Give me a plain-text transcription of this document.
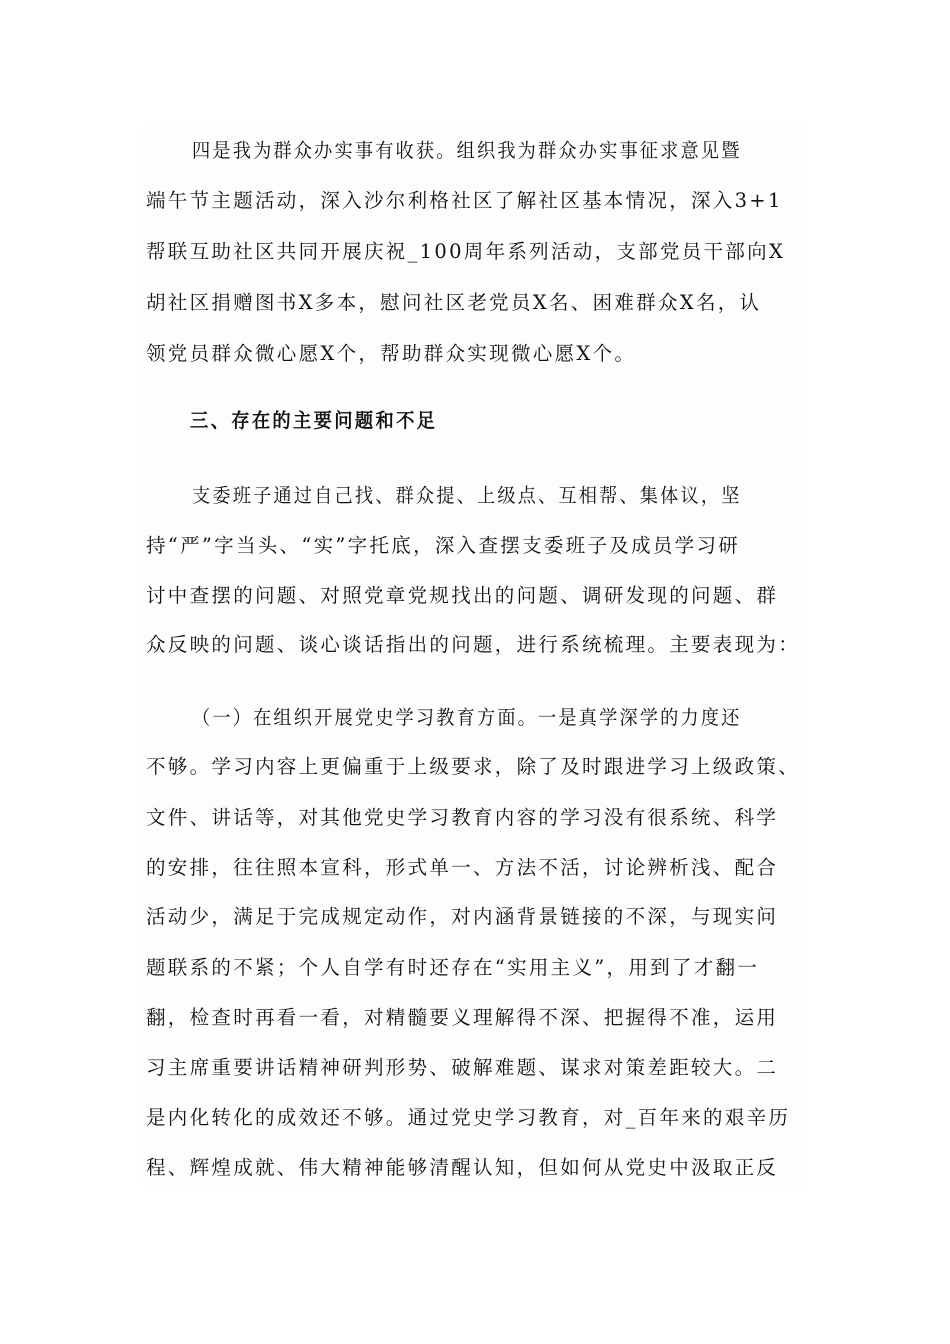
四是我为群众办实事有收获。组织我为群众办实事征求意见暨
端午节主题活动，深入沙尔利格社区了解社区基本情况，深入3+1
帮联互助社区共同开展庆祝_100周年系列活动，支部党员干部向X
胡社区捐赠图书X多本，慰问社区老党员X名、困难群众X名，认
领党员群众微心愿X个，帮助群众实现微心愿X个。
三、存在的主要问题和不足
支委班子通过自己找、群众提、上级点、互相帮、集体议，坚
持“严”字当头、“实”字托底，深入查摆支委班子及成员学习研
讨中查摆的问题、对照党章党规找出的问题、调研发现的问题、群
众反映的问题、谈心谈话指出的问题，进行系统梳理。主要表现为：
（一）在组织开展党史学习教育方面。一是真学深学的力度还
不够。学习内容上更偏重于上级要求，除了及时跟进学习上级政策、
文件、讲话等，对其他党史学习教育内容的学习没有很系统、科学
的安排，往往照本宣科，形式单一、方法不活，讨论辨析浅、配合
活动少，满足于完成规定动作，对内涵背景链接的不深，与现实问
题联系的不紧；个人自学有时还存在“实用主义”，用到了才翻一
翻，检查时再看一看，对精髓要义理解得不深、把握得不准，运用
习主席重要讲话精神研判形势、破解难题、谋求对策差距较大。二
是内化转化的成效还不够。通过党史学习教育，对_百年来的艰辛历
程、辉煌成就、伟大精神能够清醒认知，但如何从党史中汲取正反
